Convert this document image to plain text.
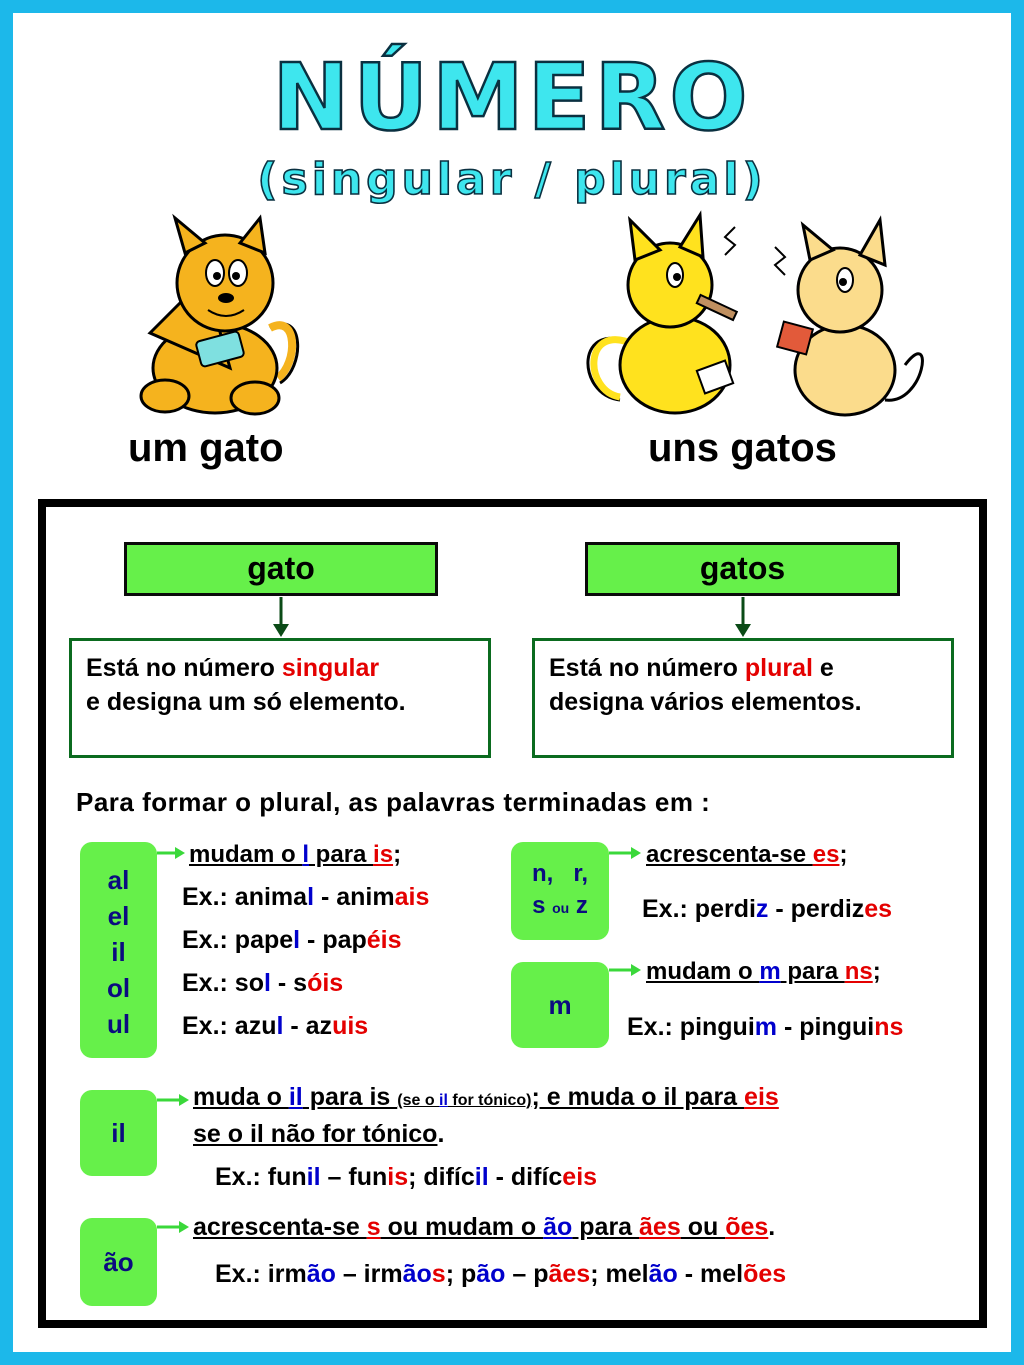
NÚMERO
(singular / plural)
um gato	uns gatos
gato	gatos
Está no número singular
e designa um só elemento.
Está no número plural e
designa vários elementos.
Para formar o plural, as palavras terminadas em :
al
el
il
ol
ul
mudam o l para is;
Ex.: animal - animais
Ex.: papel - papéis
Ex.: sol - sóis
Ex.: azul - azuis
n,   r,
s ou z
acrescenta-se es;
Ex.: perdiz - perdizes
m
mudam o m para ns;
Ex.: pinguim - pinguins
il
muda o il para is (se o il for tónico); e muda o il para eis
se o il não for tónico.
Ex.: funil – funis; difícil - difíceis
ão
acrescenta-se s ou mudam o ão para ães ou ões.
Ex.: irmão – irmãos; pão – pães; melão - melões
